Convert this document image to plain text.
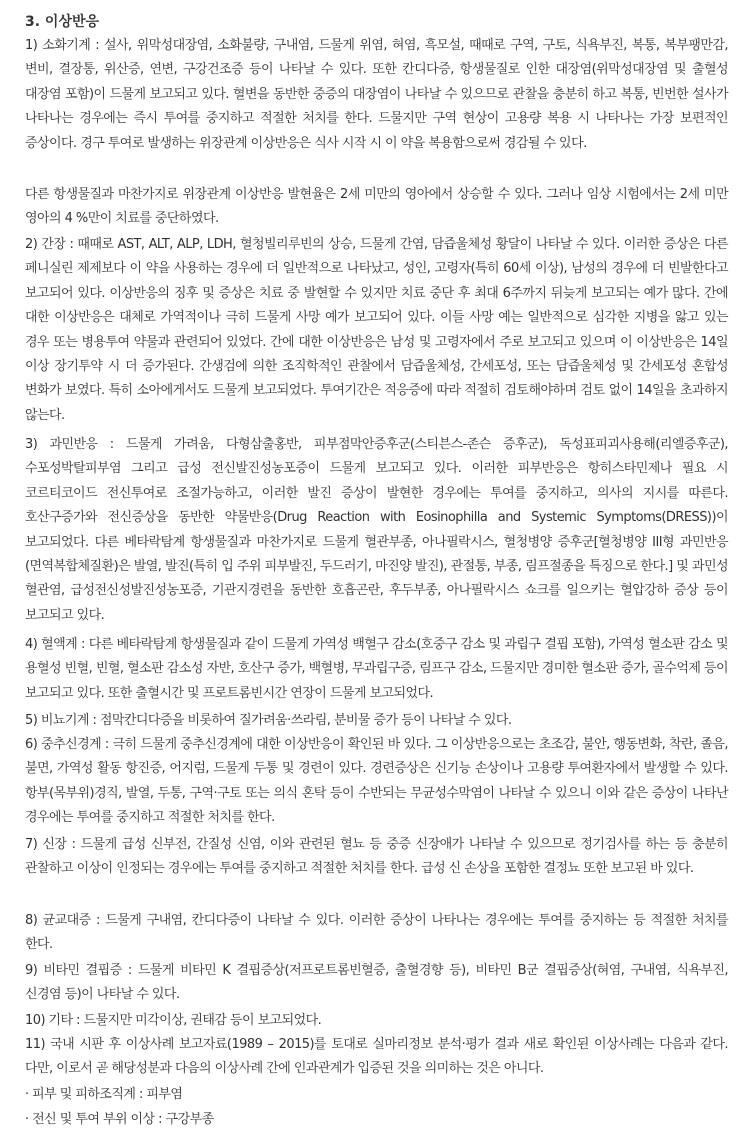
3. 이상반응

1) 소화기계 : 설사, 위막성대장염, 소화불량, 구내염, 드물게 위염, 혀염, 흑모설, 때때로 구역, 구토, 식욕부진, 복통, 복부팽만감, 변비, 결장통, 위산증, 연변, 구강건조증 등이 나타날 수 있다. 또한 칸디다증, 항생물질로 인한 대장염(위막성대장염 및 출혈성 대장염 포함)이 드물게 보고되고 있다. 혈변을 동반한 중증의 대장염이 나타날 수 있으므로 관찰을 충분히 하고 복통, 빈번한 설사가 나타나는 경우에는 즉시 투여를 중지하고 적절한 처치를 한다. 드물지만 구역 현상이 고용량 복용 시 나타나는 가장 보편적인 증상이다. 경구 투여로 발생하는 위장관계 이상반응은 식사 시작 시 이 약을 복용함으로써 경감될 수 있다.

다른 항생물질과 마찬가지로 위장관계 이상반응 발현율은 2세 미만의 영아에서 상승할 수 있다. 그러나 임상 시험에서는 2세 미만 영아의 4 %만이 치료를 중단하였다.

2) 간장 : 때때로 AST, ALT, ALP, LDH, 혈청빌리루빈의 상승, 드물게 간염, 담즙울체성 황달이 나타날 수 있다. 이러한 증상은 다른 페니실린 제제보다 이 약을 사용하는 경우에 더 일반적으로 나타났고, 성인, 고령자(특히 60세 이상), 남성의 경우에 더 빈발한다고 보고되어 있다. 이상반응의 징후 및 증상은 치료 중 발현할 수 있지만 치료 중단 후 최대 6주까지 뒤늦게 보고되는 예가 많다. 간에 대한 이상반응은 대체로 가역적이나 극히 드물게 사망 예가 보고되어 있다. 이들 사망 예는 일반적으로 심각한 지병을 앓고 있는 경우 또는 병용투여 약물과 관련되어 있었다. 간에 대한 이상반응은 남성 및 고령자에서 주로 보고되고 있으며 이 이상반응은 14일 이상 장기투약 시 더 증가된다. 간생검에 의한 조직학적인 관찰에서 담즙울체성, 간세포성, 또는 담즙울체성 및 간세포성 혼합성 변화가 보였다. 특히 소아에게서도 드물게 보고되었다. 투여기간은 적응증에 따라 적절히 검토해야하며 검토 없이 14일을 초과하지 않는다.

3) 과민반응 : 드물게 가려움, 다형삼출홍반, 피부점막안증후군(스티븐스-존슨 증후군), 독성표피괴사용해(리엘증후군), 수포성박탈피부염 그리고 급성 전신발진성농포증이 드물게 보고되고 있다. 이러한 피부반응은 항히스타민제나 필요 시 코르티코이드 전신투여로 조절가능하고, 이러한 발진 증상이 발현한 경우에는 투여를 중지하고, 의사의 지시를 따른다. 호산구증가와 전신증상을 동반한 약물반응(Drug Reaction with Eosinophilla and Systemic Symptoms(DRESS))이 보고되었다. 다른 베타락탐계 항생물질과 마찬가지로 드물게 혈관부종, 아나필락시스, 혈청병양 증후군[혈청병양 III형 과민반응(면역복합체질환)은 발열, 발진(특히 입 주위 피부발진, 두드러기, 마진양 발진), 관절통, 부종, 림프절종을 특징으로 한다.] 및 과민성 혈관염, 급성전신성발진성농포증, 기관지경련을 동반한 호흡곤란, 후두부종, 아나필락시스 쇼크를 일으키는 혈압강하 증상 등이 보고되고 있다.

4) 혈액계 : 다른 베타락탐계 항생물질과 같이 드물게 가역성 백혈구 감소(호중구 감소 및 과립구 결핍 포함), 가역성 혈소판 감소 및 용혈성 빈혈, 빈혈, 혈소판 감소성 자반, 호산구 증가, 백혈병, 무과립구증, 림프구 감소, 드물지만 경미한 혈소판 증가, 골수억제 등이 보고되고 있다. 또한 출혈시간 및 프로트롬빈시간 연장이 드물게 보고되었다.

5) 비뇨기계 : 점막칸디다증을 비롯하여 질가려움·쓰라림, 분비물 증가 등이 나타날 수 있다.

6) 중추신경계 : 극히 드물게 중추신경계에 대한 이상반응이 확인된 바 있다. 그 이상반응으로는 초조감, 불안, 행동변화, 착란, 졸음, 불면, 가역성 활동 항진증, 어지럼, 드물게 두통 및 경련이 있다. 경련증상은 신기능 손상이나 고용량 투여환자에서 발생할 수 있다. 항부(목부위)경직, 발열, 두통, 구역·구토 또는 의식 혼탁 등이 수반되는 무균성수막염이 나타날 수 있으니 이와 같은 증상이 나타난 경우에는 투여를 중지하고 적절한 처치를 한다.

7) 신장 : 드물게 급성 신부전, 간질성 신염, 이와 관련된 혈뇨 등 중증 신장애가 나타날 수 있으므로 정기검사를 하는 등 충분히 관찰하고 이상이 인정되는 경우에는 투여를 중지하고 적절한 처치를 한다. 급성 신 손상을 포함한 결정뇨 또한 보고된 바 있다.

8) 균교대증 : 드물게 구내염, 칸디다증이 나타날 수 있다. 이러한 증상이 나타나는 경우에는 투여를 중지하는 등 적절한 처치를 한다.

9) 비타민 결핍증 : 드물게 비타민 K 결핍증상(저프로트롬빈혈증, 출혈경향 등), 비타민 B군 결핍증상(혀염, 구내염, 식욕부진, 신경염 등)이 나타날 수 있다.

10) 기타 : 드물지만 미각이상, 권태감 등이 보고되었다.

11) 국내 시판 후 이상사례 보고자료(1989 – 2015)를 토대로 실마리정보 분석·평가 결과 새로 확인된 이상사례는 다음과 같다. 다만, 이로서 곧 해당성분과 다음의 이상사례 간에 인과관계가 입증된 것을 의미하는 것은 아니다.

· 피부 및 피하조직계 : 피부염

· 전신 및 투여 부위 이상 : 구강부종
